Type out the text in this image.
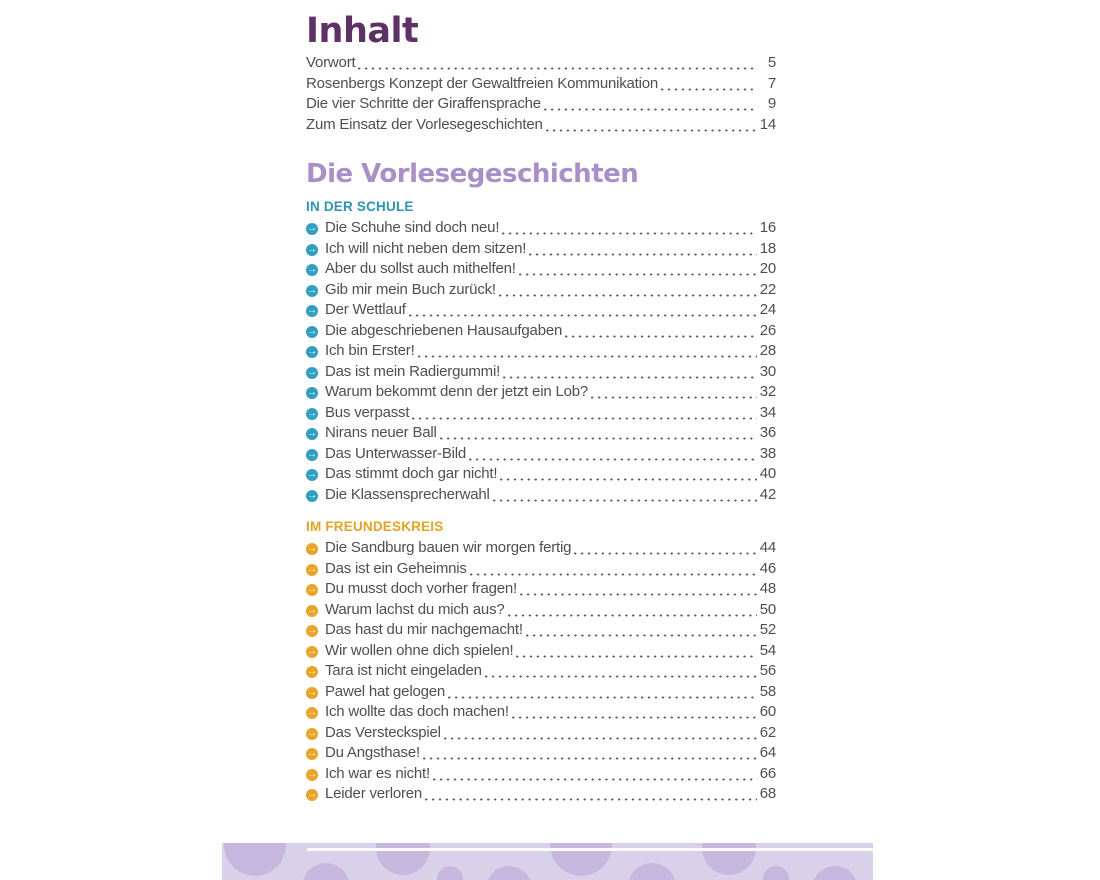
Inhalt
Vorwort	5
Rosenbergs Konzept der Gewaltfreien Kommunikation	7
Die vier Schritte der Giraffensprache	9
Zum Einsatz der Vorlesegeschichten	14
Die Vorlesegeschichten
IN DER SCHULE
→ Die Schuhe sind doch neu!	16
→ Ich will nicht neben dem sitzen!	18
→ Aber du sollst auch mithelfen!	20
→ Gib mir mein Buch zurück!	22
→ Der Wettlauf	24
→ Die abgeschriebenen Hausaufgaben	26
→ Ich bin Erster!	28
→ Das ist mein Radiergummi!	30
→ Warum bekommt denn der jetzt ein Lob?	32
→ Bus verpasst	34
→ Nirans neuer Ball	36
→ Das Unterwasser-Bild	38
→ Das stimmt doch gar nicht!	40
→ Die Klassensprecherwahl	42
IM FREUNDESKREIS
→ Die Sandburg bauen wir morgen fertig	44
→ Das ist ein Geheimnis	46
→ Du musst doch vorher fragen!	48
→ Warum lachst du mich aus?	50
→ Das hast du mir nachgemacht!	52
→ Wir wollen ohne dich spielen!	54
→ Tara ist nicht eingeladen	56
→ Pawel hat gelogen	58
→ Ich wollte das doch machen!	60
→ Das Versteckspiel	62
→ Du Angsthase!	64
→ Ich war es nicht!	66
→ Leider verloren	68
